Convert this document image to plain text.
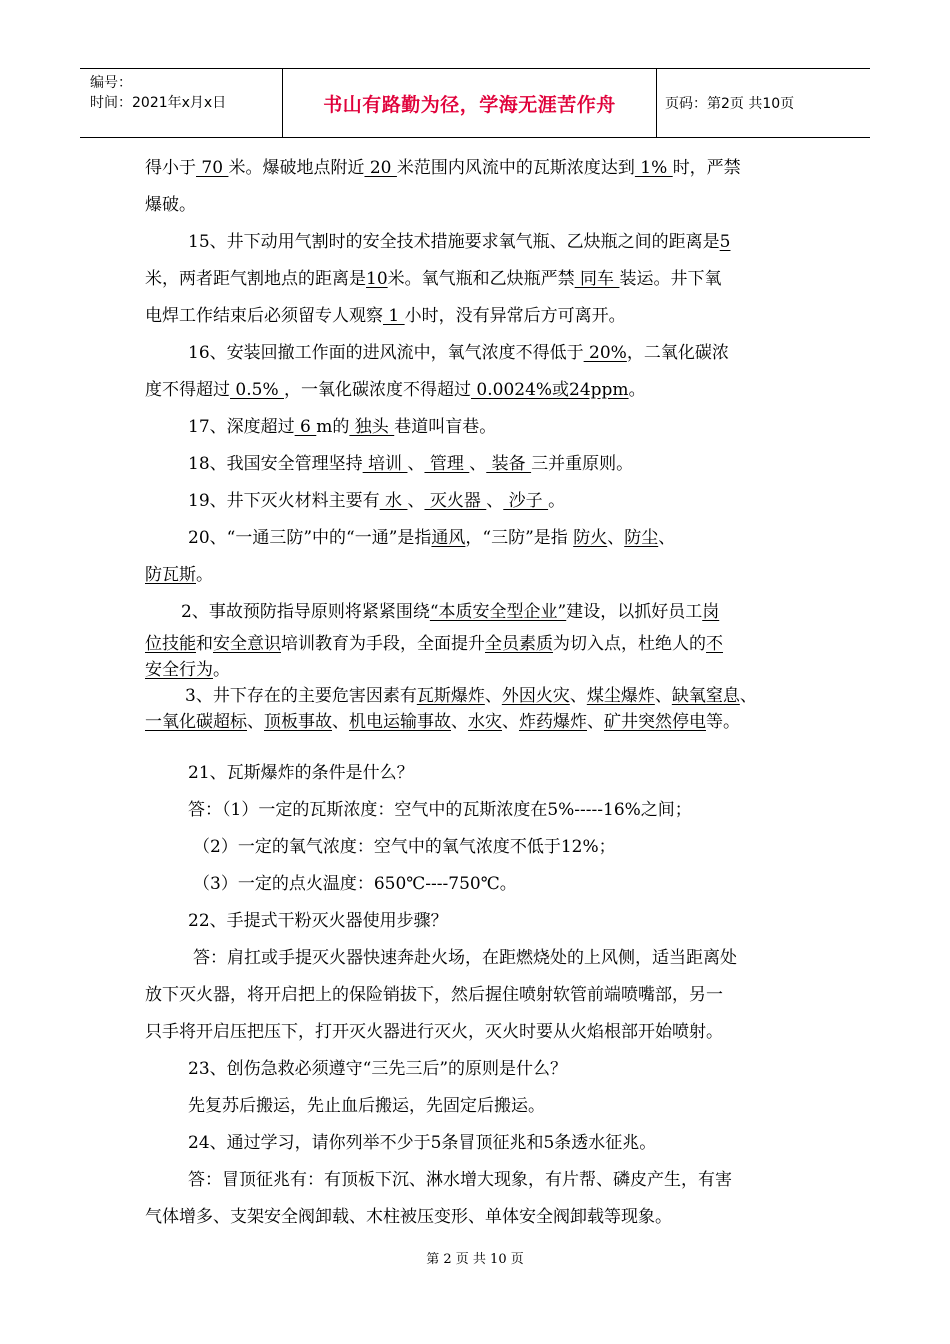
编号：
时间：2021年x月x日	书山有路勤为径，学海无涯苦作舟	页码：第2页 共10页
得小于 70 米。爆破地点附近 20 米范围内风流中的瓦斯浓度达到 1% 时，严禁
爆破。
15、井下动用气割时的安全技术措施要求氧气瓶、乙炔瓶之间的距离是5
米，两者距气割地点的距离是10米。氧气瓶和乙炔瓶严禁 同车 装运。井下氧
电焊工作结束后必须留专人观察 1 小时，没有异常后方可离开。
16、安装回撤工作面的进风流中，氧气浓度不得低于 20%，二氧化碳浓
度不得超过 0.5% ，一氧化碳浓度不得超过 0.0024%或24ppm。
17、深度超过 6 m的 独头 巷道叫盲巷。
18、我国安全管理坚持 培训 、 管理 、 装备 三并重原则。
19、井下灭火材料主要有 水 、 灭火器 、 沙子 。
20、“一通三防”中的“一通”是指通风，“三防”是指 防火、防尘、
防瓦斯。
2、事故预防指导原则将紧紧围绕“本质安全型企业”建设，以抓好员工岗
位技能和安全意识培训教育为手段，全面提升全员素质为切入点，杜绝人的不
安全行为。
3、井下存在的主要危害因素有瓦斯爆炸、外因火灾、煤尘爆炸、缺氧窒息、
一氧化碳超标、顶板事故、机电运输事故、水灾、炸药爆炸、矿井突然停电等。
21、瓦斯爆炸的条件是什么？
答：（1）一定的瓦斯浓度：空气中的瓦斯浓度在5%-----16%之间；
（2）一定的氧气浓度：空气中的氧气浓度不低于12%；
（3）一定的点火温度：650℃----750℃。
22、手提式干粉灭火器使用步骤？
答：肩扛或手提灭火器快速奔赴火场，在距燃烧处的上风侧，适当距离处
放下灭火器，将开启把上的保险销拔下，然后握住喷射软管前端喷嘴部，另一
只手将开启压把压下，打开灭火器进行灭火，灭火时要从火焰根部开始喷射。
23、创伤急救必须遵守“三先三后”的原则是什么？
先复苏后搬运，先止血后搬运，先固定后搬运。
24、通过学习，请你列举不少于5条冒顶征兆和5条透水征兆。
答：冒顶征兆有：有顶板下沉、淋水增大现象，有片帮、磷皮产生，有害
气体增多、支架安全阀卸载、木柱被压变形、单体安全阀卸载等现象。
第 2 页 共 10 页
